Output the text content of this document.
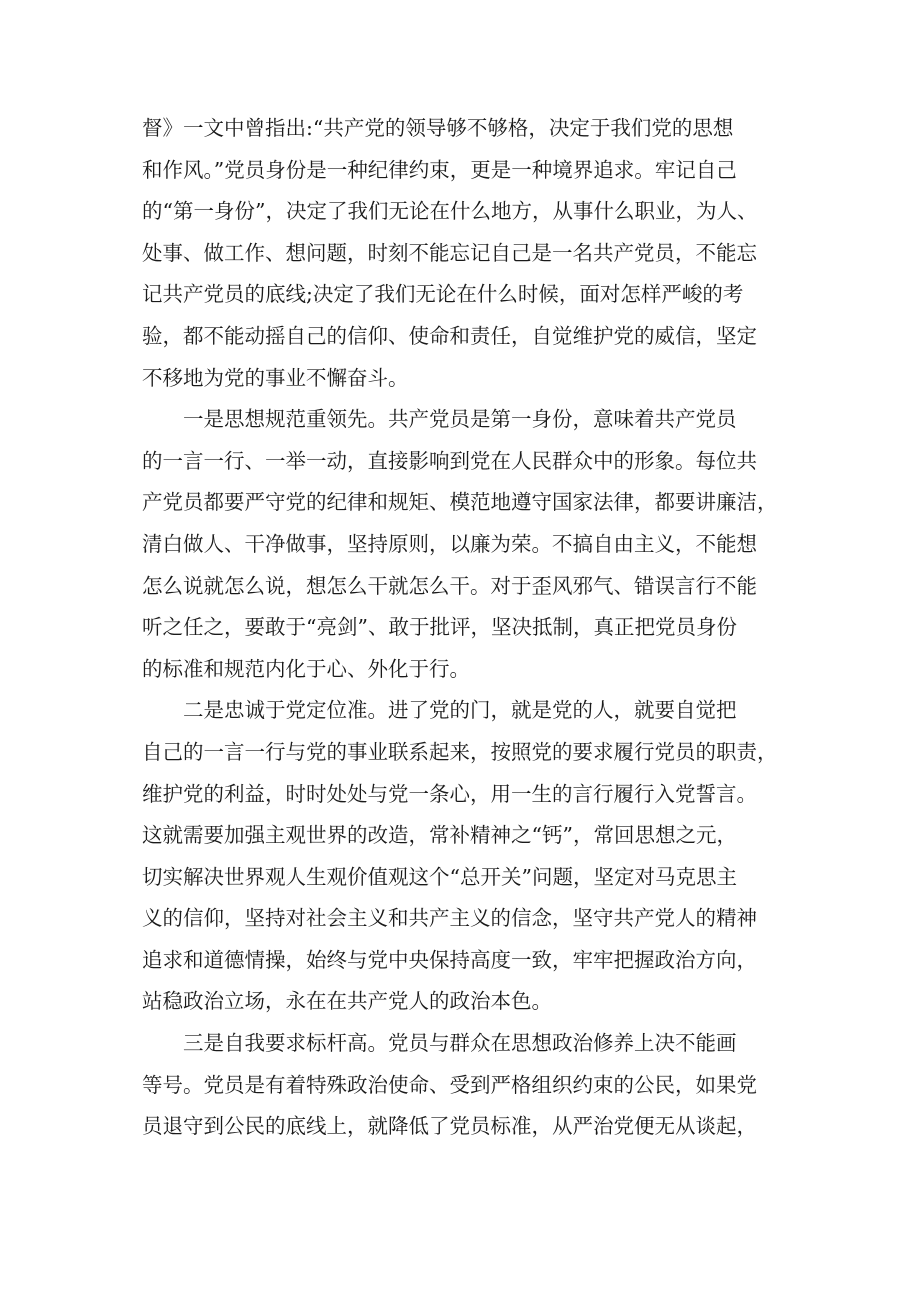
督》一文中曾指出:“共产党的领导够不够格，决定于我们党的思想
和作风。”党员身份是一种纪律约束，更是一种境界追求。牢记自己
的“第一身份”，决定了我们无论在什么地方，从事什么职业，为人、
处事、做工作、想问题，时刻不能忘记自己是一名共产党员，不能忘
记共产党员的底线;决定了我们无论在什么时候，面对怎样严峻的考
验，都不能动摇自己的信仰、使命和责任，自觉维护党的威信，坚定
不移地为党的事业不懈奋斗。
　　一是思想规范重领先。共产党员是第一身份，意味着共产党员
的一言一行、一举一动，直接影响到党在人民群众中的形象。每位共
产党员都要严守党的纪律和规矩、模范地遵守国家法律，都要讲廉洁，
清白做人、干净做事，坚持原则，以廉为荣。不搞自由主义，不能想
怎么说就怎么说，想怎么干就怎么干。对于歪风邪气、错误言行不能
听之任之，要敢于“亮剑”、敢于批评，坚决抵制，真正把党员身份
的标准和规范内化于心、外化于行。
　　二是忠诚于党定位准。进了党的门，就是党的人，就要自觉把
自己的一言一行与党的事业联系起来，按照党的要求履行党员的职责，
维护党的利益，时时处处与党一条心，用一生的言行履行入党誓言。
这就需要加强主观世界的改造，常补精神之“钙”，常回思想之元，
切实解决世界观人生观价值观这个“总开关”问题，坚定对马克思主
义的信仰，坚持对社会主义和共产主义的信念，坚守共产党人的精神
追求和道德情操，始终与党中央保持高度一致，牢牢把握政治方向，
站稳政治立场，永在在共产党人的政治本色。
　　三是自我要求标杆高。党员与群众在思想政治修养上决不能画
等号。党员是有着特殊政治使命、受到严格组织约束的公民，如果党
员退守到公民的底线上，就降低了党员标准，从严治党便无从谈起，
